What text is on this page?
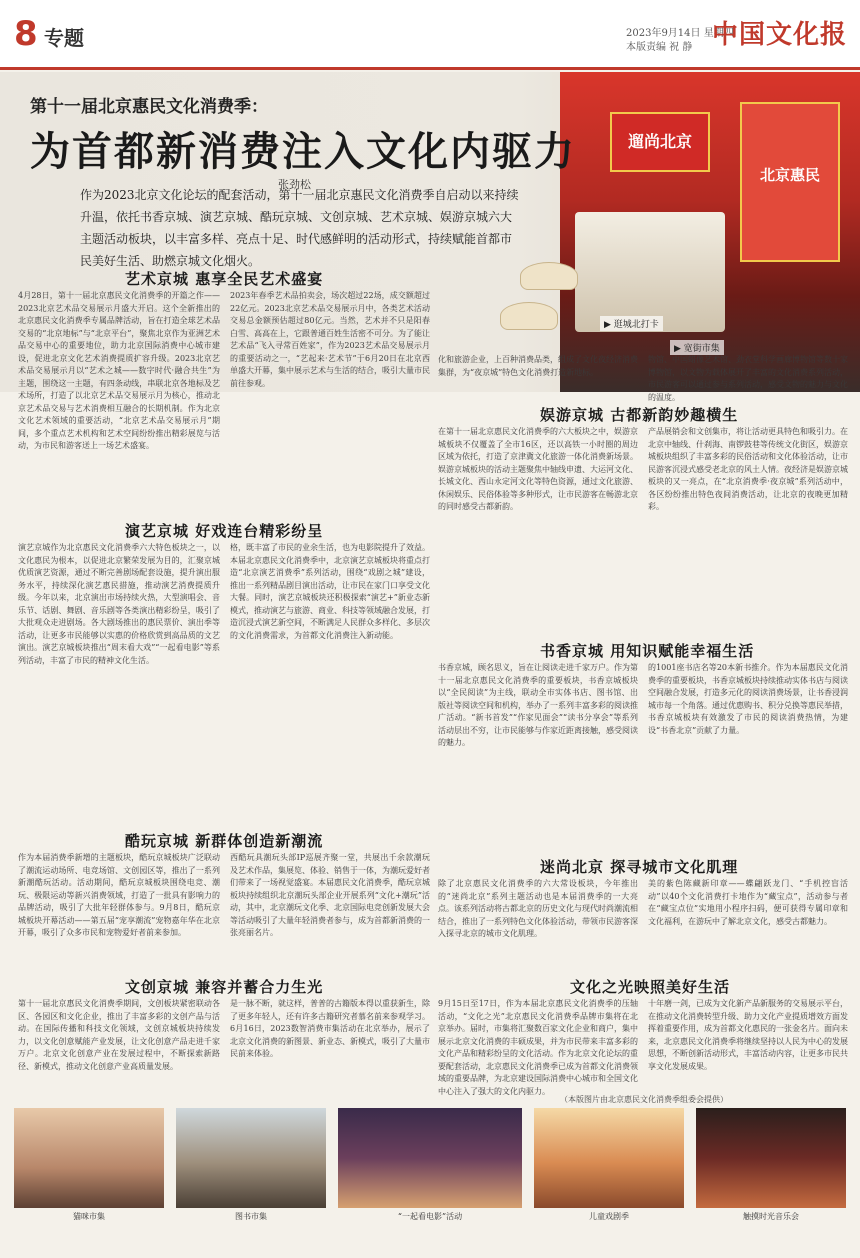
8 专题	2023年9月14日 星期四
本版责编 祝 静 中国文化报
遛尚北京
北京惠民
▶ 逛城北打卡
▶ 宽街市集
第十一届北京惠民文化消费季：
为首都新消费注入文化内驱力
张劲松
作为2023北京文化论坛的配套活动，第十一届北京惠民文化消费季自启动以来持续升温，依托书香京城、演艺京城、酷玩京城、文创京城、艺术京城、娱游京城六大主题活动板块，以丰富多样、亮点十足、时代感鲜明的活动形式，持续赋能首都市民美好生活、助燃京城文化烟火。
艺术京城 惠享全民艺术盛宴
4月28日，第十一届北京惠民文化消费季的开篇之作——2023北京艺术品交易展示月盛大开启。这个全新推出的北京惠民文化消费季专属品牌活动，旨在打造全球艺术品交易的“北京地标”与“北京平台”，聚焦北京作为亚洲艺术品交易中心的重要地位，助力北京国际消费中心城市建设，促进北京文化艺术消费提质扩容升级。2023北京艺术品交易展示月以“艺术之城——数字时代·融合共生”为主题，围绕这一主题，有四条动线，串联北京各地标及艺术场所，打造了以北京艺术品交易展示月为核心，推动北京艺术品交易与艺术消费相互融合的长期机制。作为北京文化艺术领域的重要活动，“北京艺术品交易展示月”期间，多个重点艺术机构和艺术空间纷纷推出精彩展览与活动，为市民和游客送上一场艺术盛宴。
2023年春季艺术品拍卖会，场次超过22场，成交额超过22亿元。2023北京艺术品交易展示月中，各类艺术活动交易总金额预估超过80亿元。当然，艺术并不只是阳春白雪、高高在上，它跟普通百姓生活密不可分。为了能让艺术品“飞入寻常百姓家”，作为2023艺术品交易展示月的重要活动之一，“艺起来·艺术节”于6月20日在北京西单盛大开幕，集中展示艺术与生活的结合，吸引大量市民前往参观。
演艺京城 好戏连台精彩纷呈
演艺京城作为北京惠民文化消费季六大特色板块之一，以文化惠民为根本，以促进北京繁荣发展为目的，汇聚京城优质演艺资源，通过不断完善剧场配套设施，提升演出服务水平，持续深化演艺惠民措施，推动演艺消费提质升级。今年以来，北京演出市场持续火热，大型演唱会、音乐节、话剧、舞剧、音乐剧等各类演出精彩纷呈，吸引了大批观众走进剧场。各大剧场推出的惠民票价、演出季等活动，让更多市民能够以实惠的价格欣赏到高品质的文艺演出。演艺京城板块推出“周末看大戏”“一起看电影”等系列活动，丰富了市民的精神文化生活。
格，既丰富了市民的业余生活，也为电影院提升了效益。本届北京惠民文化消费季中，北京演艺京城板块将重点打造“北京演艺消费季”系列活动，围绕“戏剧之城”建设，推出一系列精品剧目演出活动，让市民在家门口享受文化大餐。同时，演艺京城板块还积极探索“演艺+”新业态新模式，推动演艺与旅游、商业、科技等领域融合发展，打造沉浸式演艺新空间，不断满足人民群众多样化、多层次的文化消费需求，为首都文化消费注入新动能。
酷玩京城 新群体创造新潮流
作为本届消费季新增的主题板块，酷玩京城板块广泛联动了潮流运动场所、电竞场馆、文创园区等，推出了一系列新潮酷玩活动。活动期间，酷玩京城板块围绕电竞、潮玩、极限运动等新兴消费领域，打造了一批具有影响力的品牌活动，吸引了大批年轻群体参与。9月8日，酷玩京城板块开幕活动——第五届“宠享潮流”宠物嘉年华在北京开幕，吸引了众多市民和宠物爱好者前来参加。
西酷玩具潮玩头部IP巡展齐聚一堂，共展出千余款潮玩及艺术作品，集展览、体验、销售于一体，为潮玩爱好者们带来了一场视觉盛宴。本届惠民文化消费季，酷玩京城板块持续组织北京潮玩头部企业开展系列“文化+潮玩”活动，其中，北京潮玩文化季、北京国际电竞创新发展大会等活动吸引了大量年轻消费者参与，成为首都新消费的一张亮丽名片。
文创京城 兼容并蓄合力生光
第十一届北京惠民文化消费季期间，文创板块紧密联动各区、各园区和文化企业，推出了丰富多彩的文创产品与活动。在国际传播和科技文化领域，文创京城板块持续发力，以文化创意赋能产业发展，让文化创意产品走进千家万户。北京文化创意产业在发展过程中，不断探索新路径、新模式，推动文化创意产业高质量发展。
是一脉不断，就这样，普普的古籍版本得以重获新生，除了更多年轻人，还有许多古籍研究者慕名前来参观学习。6月16日，2023数智消费市集活动在北京举办，展示了北京文化消费的新图景、新业态、新模式，吸引了大量市民前来体验。
化和旅游企业，上百种消费品类，组成了文化夜经济消费集群，为“夜京城”特色文化消费打造新地标。
物馆、中国蜡像艺术馆、劲衣堂科学画廊博物馆等数十家博物馆，以文物为载体展开了丰富的文化消费系列活动，市民游客可以通过参与系列活动，感受文物的魅力与文化的温度。
娱游京城 古都新韵妙趣横生
在第十一届北京惠民文化消费季的六大板块之中，娱游京城板块不仅覆盖了全市16区，还以高铁一小时圈的周边区域为依托，打造了京津冀文化旅游一体化消费新场景。娱游京城板块的活动主题聚焦中轴线申遗、大运河文化、长城文化、西山永定河文化等特色资源，通过文化旅游、休闲娱乐、民俗体验等多种形式，让市民游客在畅游北京的同时感受古都新韵。
产品展销会和文创集市，将让活动更具特色和吸引力。在北京中轴线、什刹海、南锣鼓巷等传统文化街区，娱游京城板块组织了丰富多彩的民俗活动和文化体验活动，让市民游客沉浸式感受老北京的风土人情。夜经济是娱游京城板块的又一亮点，在“北京消费季·夜京城”系列活动中，各区纷纷推出特色夜间消费活动，让北京的夜晚更加精彩。
书香京城 用知识赋能幸福生活
书香京城，顾名思义，旨在让阅读走进千家万户。作为第十一届北京惠民文化消费季的重要板块，书香京城板块以“全民阅读”为主线，联动全市实体书店、图书馆、出版社等阅读空间和机构，举办了一系列丰富多彩的阅读推广活动。“新书首发”“作家见面会”“读书分享会”等系列活动层出不穷，让市民能够与作家近距离接触，感受阅读的魅力。
的1001座书店名等20本新书推介。作为本届惠民文化消费季的重要板块，书香京城板块持续推动实体书店与阅读空间融合发展，打造多元化的阅读消费场景，让书香浸润城市每一个角落。通过优惠购书、积分兑换等惠民举措，书香京城板块有效激发了市民的阅读消费热情，为建设“书香北京”贡献了力量。
迷尚北京 探寻城市文化肌理
除了北京惠民文化消费季的六大常设板块，今年推出的“迷尚北京”系列主题活动也是本届消费季的一大亮点。该系列活动将古都北京的历史文化与现代时尚潮流相结合，推出了一系列特色文化体验活动，带领市民游客深入探寻北京的城市文化肌理。
美的紫色陈藏新印章——蝶翩跃龙门、“手机控盲活动”以40个文化消费打卡地作为“藏宝点”，活动参与者在“藏宝点位”实地用小程序扫码，便可获得专属印章和文化福利，在游玩中了解北京文化，感受古都魅力。
文化之光映照美好生活
9月15日至17日，作为本届北京惠民文化消费季的压轴活动，“文化之光”北京惠民文化消费季品牌市集将在北京举办。届时，市集将汇聚数百家文化企业和商户，集中展示北京文化消费的丰硕成果，并为市民带来丰富多彩的文化产品和精彩纷呈的文化活动。作为北京文化论坛的重要配套活动，北京惠民文化消费季已成为首都文化消费领域的重要品牌，为北京建设国际消费中心城市和全国文化中心注入了强大的文化内驱力。
十年磨一剑，已成为文化新产品新服务的交易展示平台，在推动文化消费转型升级、助力文化产业提质增效方面发挥着重要作用，成为首都文化惠民的一张金名片。面向未来，北京惠民文化消费季将继续坚持以人民为中心的发展思想，不断创新活动形式，丰富活动内容，让更多市民共享文化发展成果。
猫咪市集	图书市集	“一起看电影”活动	儿童戏剧季	触摸时光音乐会
（本版图片由北京惠民文化消费季组委会提供）
